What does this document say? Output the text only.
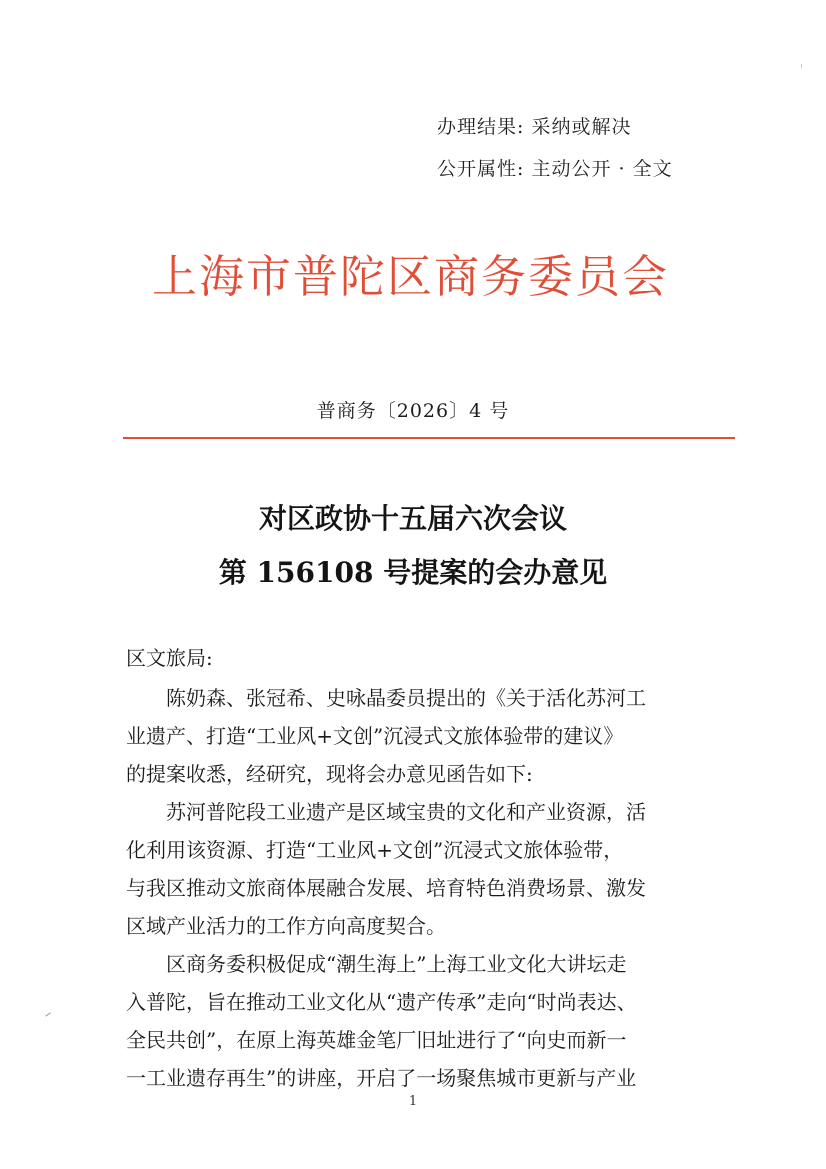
办理结果: 采纳或解决
公开属性: 主动公开 · 全文
上海市普陀区商务委员会
普商务〔2026〕4 号
对区政协十五届六次会议
第 156108 号提案的会办意见
区文旅局:
陈奶森、张冠希、史咏晶委员提出的《关于活化苏河工
业遗产、打造“工业风+文创”沉浸式文旅体验带的建议》
的提案收悉，经研究，现将会办意见函告如下:
苏河普陀段工业遗产是区域宝贵的文化和产业资源，活
化利用该资源、打造“工业风+文创”沉浸式文旅体验带，
与我区推动文旅商体展融合发展、培育特色消费场景、激发
区域产业活力的工作方向高度契合。
区商务委积极促成“潮生海上”上海工业文化大讲坛走
入普陀，旨在推动工业文化从“遗产传承”走向“时尚表达、
全民共创”，在原上海英雄金笔厂旧址进行了“向史而新一
一工业遗存再生”的讲座，开启了一场聚焦城市更新与产业
1
